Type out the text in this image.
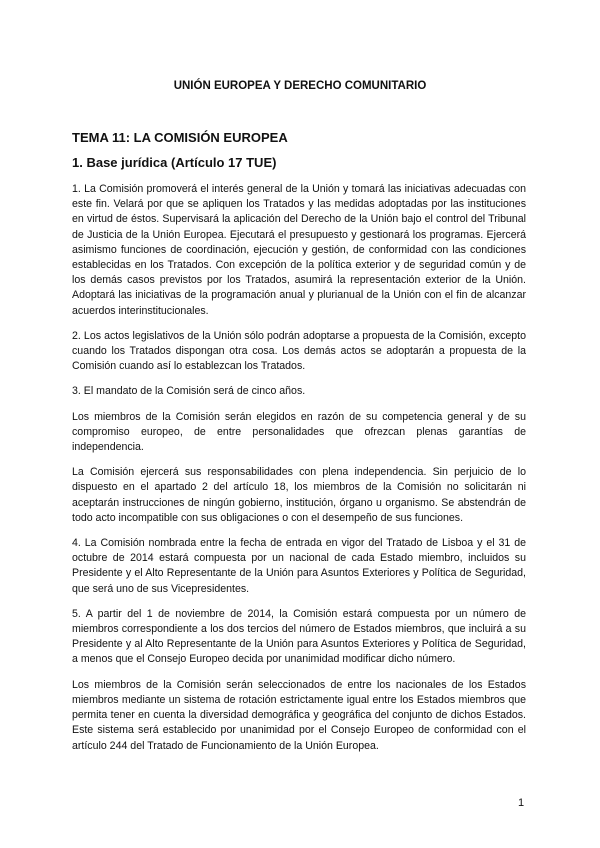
UNIÓN EUROPEA Y DERECHO COMUNITARIO
TEMA 11: LA COMISIÓN EUROPEA
1. Base jurídica (Artículo 17 TUE)

1. La Comisión promoverá el interés general de la Unión y tomará las iniciativas adecuadas con este fin. Velará por que se apliquen los Tratados y las medidas adoptadas por las instituciones en virtud de éstos. Supervisará la aplicación del Derecho de la Unión bajo el control del Tribunal de Justicia de la Unión Europea. Ejecutará el presupuesto y gestionará los programas. Ejercerá asimismo funciones de coordinación, ejecución y gestión, de conformidad con las condiciones establecidas en los Tratados. Con excepción de la política exterior y de seguridad común y de los demás casos previstos por los Tratados, asumirá la representación exterior de la Unión. Adoptará las iniciativas de la programación anual y plurianual de la Unión con el fin de alcanzar acuerdos interinstitucionales.

2. Los actos legislativos de la Unión sólo podrán adoptarse a propuesta de la Comisión, excepto cuando los Tratados dispongan otra cosa. Los demás actos se adoptarán a propuesta de la Comisión cuando así lo establezcan los Tratados.

3. El mandato de la Comisión será de cinco años.

Los miembros de la Comisión serán elegidos en razón de su competencia general y de su compromiso europeo, de entre personalidades que ofrezcan plenas garantías de independencia.

La Comisión ejercerá sus responsabilidades con plena independencia. Sin perjuicio de lo dispuesto en el apartado 2 del artículo 18, los miembros de la Comisión no solicitarán ni aceptarán instrucciones de ningún gobierno, institución, órgano u organismo. Se abstendrán de todo acto incompatible con sus obligaciones o con el desempeño de sus funciones.

4. La Comisión nombrada entre la fecha de entrada en vigor del Tratado de Lisboa y el 31 de octubre de 2014 estará compuesta por un nacional de cada Estado miembro, incluidos su Presidente y el Alto Representante de la Unión para Asuntos Exteriores y Política de Seguridad, que será uno de sus Vicepresidentes.

5. A partir del 1 de noviembre de 2014, la Comisión estará compuesta por un número de miembros correspondiente a los dos tercios del número de Estados miembros, que incluirá a su Presidente y al Alto Representante de la Unión para Asuntos Exteriores y Política de Seguridad, a menos que el Consejo Europeo decida por unanimidad modificar dicho número.

Los miembros de la Comisión serán seleccionados de entre los nacionales de los Estados miembros mediante un sistema de rotación estrictamente igual entre los Estados miembros que permita tener en cuenta la diversidad demográfica y geográfica del conjunto de dichos Estados. Este sistema será establecido por unanimidad por el Consejo Europeo de conformidad con el artículo 244 del Tratado de Funcionamiento de la Unión Europea.

1
